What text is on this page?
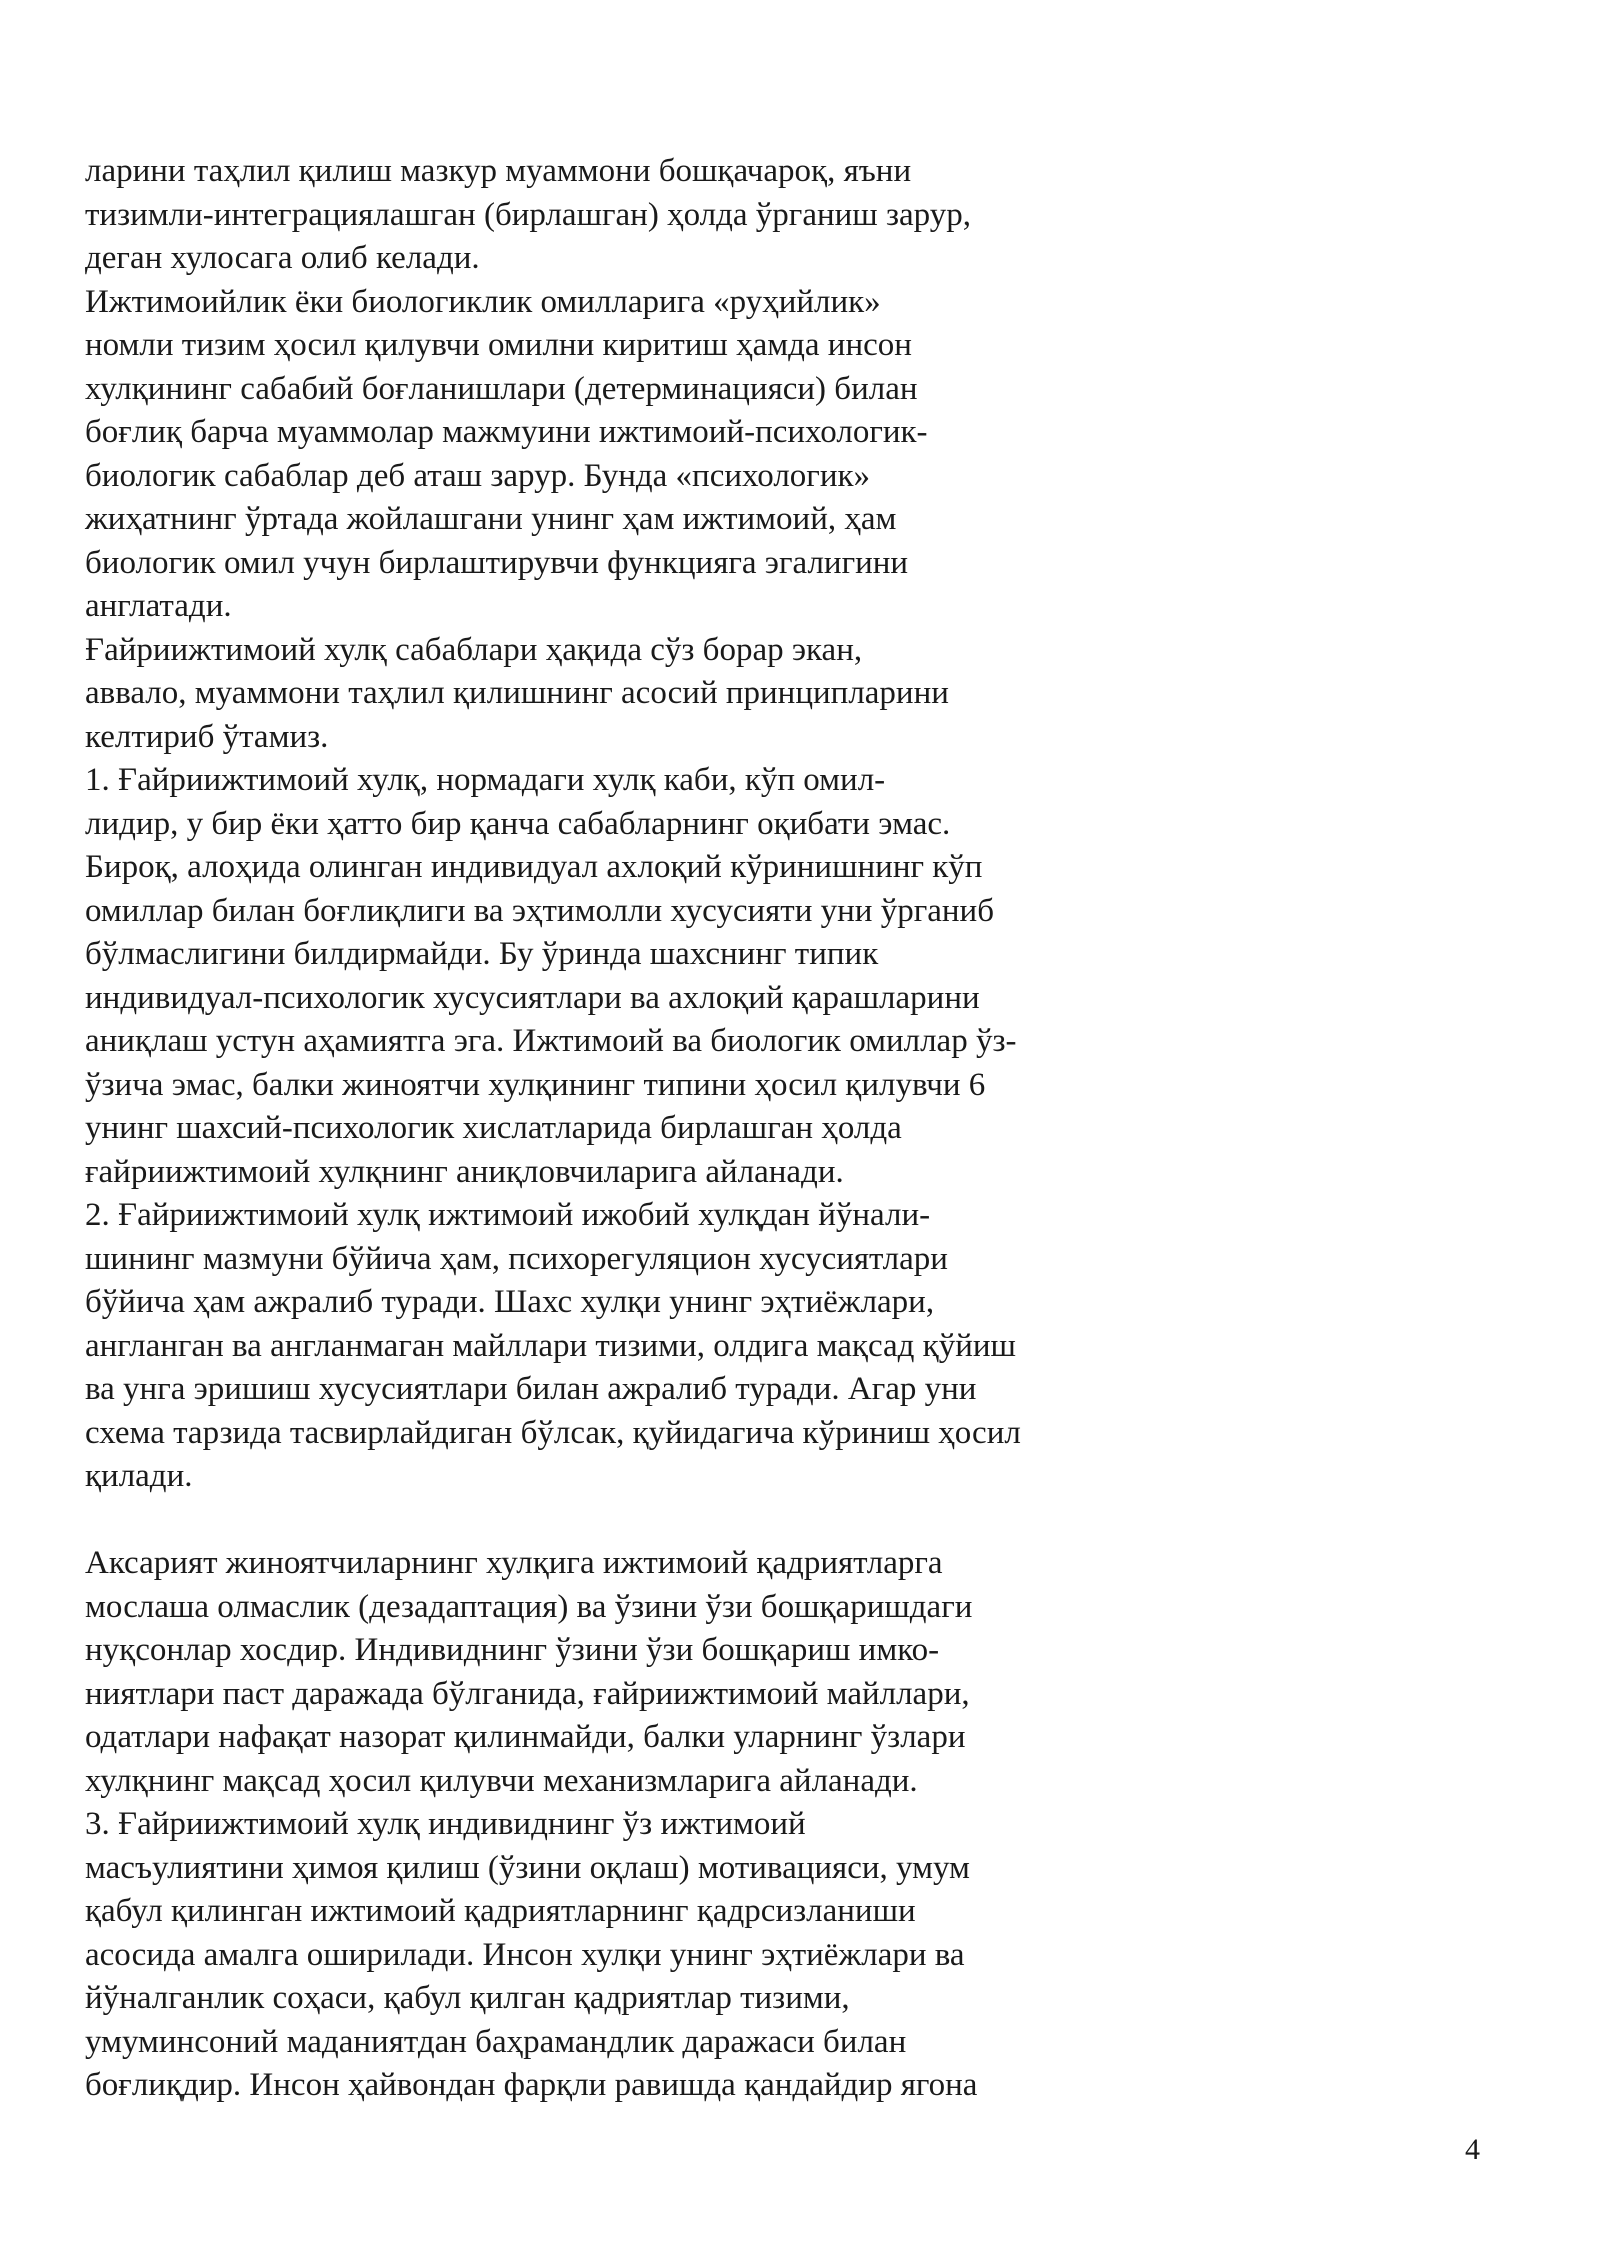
ларини таҳлил қилиш мазкур муаммони бошқачароқ, яъни
тизимли-интеграциялашган (бирлашган) ҳолда ўрганиш зарур,
деган хулосага олиб келади.
Ижтимоийлик ёки биологиклик омилларига «руҳийлик»
номли тизим ҳосил қилувчи омилни киритиш ҳамда инсон
хулқининг сабабий боғланишлари (детерминацияси) билан
боғлиқ барча муаммолар мажмуини ижтимоий-психологик-
биологик сабаблар деб аташ зарур. Бунда «психологик»
жиҳатнинг ўртада жойлашгани унинг ҳам ижтимоий, ҳам
биологик омил учун бирлаштирувчи функцияга эгалигини
англатади.
Ғайриижтимоий хулқ сабаблари ҳақида сўз борар экан,
аввало, муаммони таҳлил қилишнинг асосий принципларини
келтириб ўтамиз.
1. Ғайриижтимоий хулқ, нормадаги хулқ каби, кўп омил-
лидир, у бир ёки ҳатто бир қанча сабабларнинг оқибати эмас.
Бироқ, алоҳида олинган индивидуал ахлоқий кўринишнинг кўп
омиллар билан боғлиқлиги ва эҳтимолли хусусияти уни ўрганиб
бўлмаслигини билдирмайди. Бу ўринда шахснинг типик
индивидуал-психологик хусусиятлари ва ахлоқий қарашларини
аниқлаш устун аҳамиятга эга. Ижтимоий ва биологик омиллар ўз-
ўзича эмас, балки жиноятчи хулқининг типини ҳосил қилувчи 6
унинг шахсий-психологик хислатларида бирлашган ҳолда
ғайриижтимоий хулқнинг аниқловчиларига айланади.
2. Ғайриижтимоий хулқ ижтимоий ижобий хулқдан йўнали-
шининг мазмуни бўйича ҳам, психорегуляцион хусусиятлари
бўйича ҳам ажралиб туради. Шахс хулқи унинг эҳтиёжлари,
англанган ва англанмаган майллари тизими, олдига мақсад қўйиш
ва унга эришиш хусусиятлари билан ажралиб туради. Агар уни
схема тарзида тасвирлайдиган бўлсак, қуйидагича кўриниш ҳосил
қилади.
Аксарият жиноятчиларнинг хулқига ижтимоий қадриятларга
мослаша олмаслик (дезадаптация) ва ўзини ўзи бошқаришдаги
нуқсонлар хосдир. Индивиднинг ўзини ўзи бошқариш имко-
ниятлари паст даражада бўлганида, ғайриижтимоий майллари,
одатлари нафақат назорат қилинмайди, балки уларнинг ўзлари
хулқнинг мақсад ҳосил қилувчи механизмларига айланади.
3. Ғайриижтимоий хулқ индивиднинг ўз ижтимоий
масъулиятини ҳимоя қилиш (ўзини оқлаш) мотивацияси, умум
қабул қилинган ижтимоий қадриятларнинг қадрсизланиши
асосида амалга оширилади. Инсон хулқи унинг эҳтиёжлари ва
йўналганлик соҳаси, қабул қилган қадриятлар тизими,
умуминсоний маданиятдан баҳрамандлик даражаси билан
боғлиқдир. Инсон ҳайвондан фарқли равишда қандайдир ягона
4
